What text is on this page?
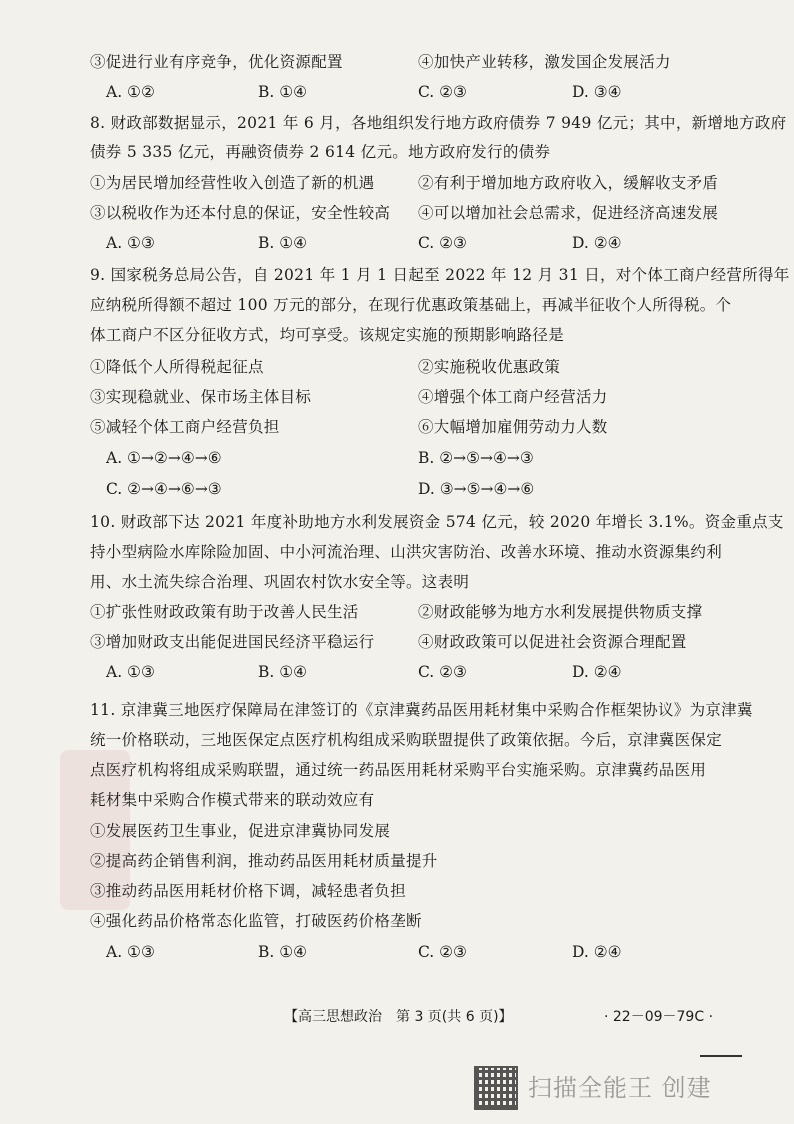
③促进行业有序竞争，优化资源配置	④加快产业转移，激发国企发展活力
A. ①②	B. ①④	C. ②③	D. ③④
8. 财政部数据显示，2021 年 6 月，各地组织发行地方政府债券 7 949 亿元；其中，新增地方政府
债券 5 335 亿元，再融资债券 2 614 亿元。地方政府发行的债券
①为居民增加经营性收入创造了新的机遇	②有利于增加地方政府收入，缓解收支矛盾
③以税收作为还本付息的保证，安全性较高 ④可以增加社会总需求，促进经济高速发展
A. ①③	B. ①④	C. ②③	D. ②④
9. 国家税务总局公告，自 2021 年 1 月 1 日起至 2022 年 12 月 31 日，对个体工商户经营所得年
应纳税所得额不超过 100 万元的部分，在现行优惠政策基础上，再减半征收个人所得税。个
体工商户不区分征收方式，均可享受。该规定实施的预期影响路径是
①降低个人所得税起征点	②实施税收优惠政策
③实现稳就业、保市场主体目标	④增强个体工商户经营活力
⑤减轻个体工商户经营负担	⑥大幅增加雇佣劳动力人数
A. ①→②→④→⑥	B. ②→⑤→④→③
C. ②→④→⑥→③	D. ③→⑤→④→⑥
10. 财政部下达 2021 年度补助地方水利发展资金 574 亿元，较 2020 年增长 3.1%。资金重点支
持小型病险水库除险加固、中小河流治理、山洪灾害防治、改善水环境、推动水资源集约利
用、水土流失综合治理、巩固农村饮水安全等。这表明
①扩张性财政政策有助于改善人民生活	②财政能够为地方水利发展提供物质支撑
③增加财政支出能促进国民经济平稳运行	④财政政策可以促进社会资源合理配置
A. ①③	B. ①④	C. ②③	D. ②④
11. 京津冀三地医疗保障局在津签订的《京津冀药品医用耗材集中采购合作框架协议》为京津冀
统一价格联动，三地医保定点医疗机构组成采购联盟提供了政策依据。今后，京津冀医保定
点医疗机构将组成采购联盟，通过统一药品医用耗材采购平台实施采购。京津冀药品医用
耗材集中采购合作模式带来的联动效应有
①发展医药卫生事业，促进京津冀协同发展
②提高药企销售利润，推动药品医用耗材质量提升
③推动药品医用耗材价格下调，减轻患者负担
④强化药品价格常态化监管，打破医药价格垄断
A. ①③	B. ①④	C. ②③	D. ②④
【高三思想政治　第 3 页(共 6 页)】	· 22－09－79C ·
扫描全能王 创建
